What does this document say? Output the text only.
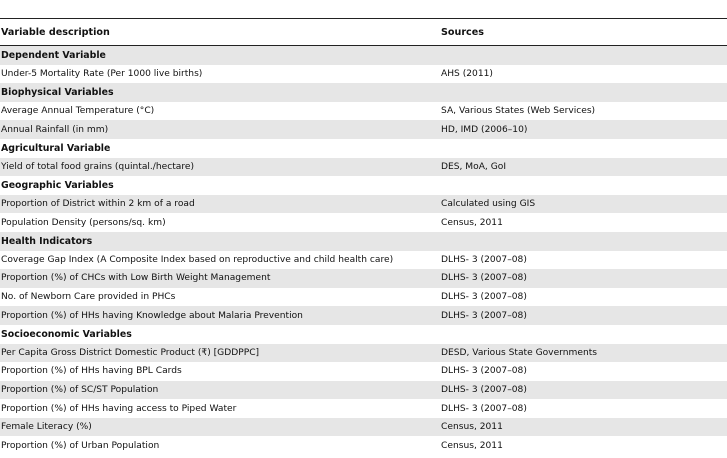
Variable description	Sources
Dependent Variable
Under-5 Mortality Rate (Per 1000 live births)	AHS (2011)
Biophysical Variables
Average Annual Temperature (°C)	SA, Various States (Web Services)
Annual Rainfall (in mm)	HD, IMD (2006–10)
Agricultural Variable
Yield of total food grains (quintal./hectare)	DES, MoA, GoI
Geographic Variables
Proportion of District within 2 km of a road	Calculated using GIS
Population Density (persons/sq. km)	Census, 2011
Health Indicators
Coverage Gap Index (A Composite Index based on reproductive and child health care)	DLHS- 3 (2007–08)
Proportion (%) of CHCs with Low Birth Weight Management	DLHS- 3 (2007–08)
No. of Newborn Care provided in PHCs	DLHS- 3 (2007–08)
Proportion (%) of HHs having Knowledge about Malaria Prevention	DLHS- 3 (2007–08)
Socioeconomic Variables
Per Capita Gross District Domestic Product (₹) [GDDPPC]	DESD, Various State Governments
Proportion (%) of HHs having BPL Cards	DLHS- 3 (2007–08)
Proportion (%) of SC/ST Population	DLHS- 3 (2007–08)
Proportion (%) of HHs having access to Piped Water	DLHS- 3 (2007–08)
Female Literacy (%)	Census, 2011
Proportion (%) of Urban Population	Census, 2011
